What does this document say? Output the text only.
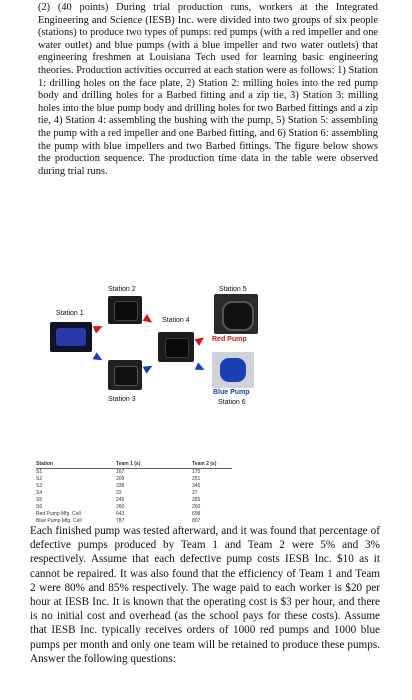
(2) (40 points) During trial production runs, workers at the Integrated Engineering and Science (IESB) Inc. were divided into two groups of six people (stations) to produce two types of pumps: red pumps (with a red impeller and one water outlet) and blue pumps (with a blue impeller and two water outlets) that engineering freshmen at Louisiana Tech used for learning basic engineering theories. Production activities occurred at each station were as follows: 1) Station 1: drilling holes on the face plate, 2) Station 2: milling holes into the red pump body and drilling holes for a Barbed fitting and a zip tie, 3) Station 3: milling holes into the blue pump body and drilling holes for two Barbed fittings and a zip tie, 4) Station 4: assembling the bushing with the pump, 5) Station 5: assembling the pump with a red impeller and one Barbed fitting, and 6) Station 6: assembling the pump with blue impellers and two Barbed fittings. The figure below shows the production sequence. The production time data in the table were observed during trial runs.
Station 2	Station 5
Station 1
Station 4
Red Pump
Station 3
Blue Pump
Station 6
Station	Team 1 (s)	Team 2 (s)
S1	167	175
S2	209	251
S3	338	345
S4	22	27
S5	245	265
S6	260	260
Red Pump Mfg. Cell	643	698
Blue Pump Mfg. Cell	787	807
Each finished pump was tested afterward, and it was found that percentage of defective pumps produced by Team 1 and Team 2 were 5% and 3% respectively. Assume that each defective pump costs IESB Inc. $10 as it cannot be repaired. It was also found that the efficiency of Team 1 and Team 2 were 80% and 85% respectively. The wage paid to each worker is $20 per hour at IESB Inc. It is known that the operating cost is $3 per hour, and there is no initial cost and overhead (as the school pays for these costs). Assume that IESB Inc. typically receives orders of 1000 red pumps and 1000 blue pumps per month and only one team will be retained to produce these pumps. Answer the following questions:
